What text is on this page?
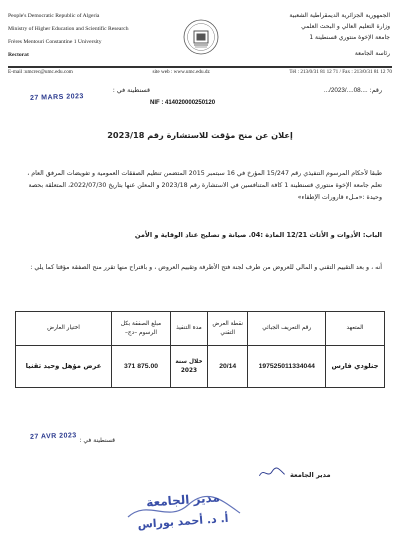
People's Democratic Republic of Algeria
Ministry of Higher Education and Scientific Research
Frères Mentouri Constantine 1 University
Rectorat
الجمهورية الجزائرية الديمقراطية الشعبية
وزارة التعليم العالي و البحث العلمي
جامعة الإخوة منتوري قسنطينة 1
رئاسة الجامعة
E-mail :umcrec@umc.edu.com	site web : www.umc.edu.dz	Tél : 213/0/31 81 12 71 / Fax : 213/0/31 81 12 70
رقم: .../2023/....08....
قسنطينة في :
27 MARS 2023
NIF : 414020000250120
إعلان عن منح مؤقت للاستشارة رقم 2023/18
طبقا لأحكام المرسوم التنفيذي رقم 15/247 المؤرخ في 16 سبتمبر 2015 المتضمن تنظيم الصفقات العمومية و تفويضات المرفق العام ، تعلم جامعة الإخوة منتوري قسنطينة 1 كافة المتنافسين في الاستشارة رقم 2023/18 و المعلن عنها بتاريخ 2022/07/30، المتعلقة بحصة وحيدة :«مـلء قارورات الإطفاء»
الباب: الأدوات و الأثاث 12/21 المادة :04. صيانة و تصليح عتاد الوقاية و الأمن
أنه ، و بعد التقييم التقني و المالي للعروض من طرف لجنة فتح الأظرفة وتقييم العروض ، و باقتراح منها تقرر منح الصفقة مؤقتا كما يلي :
المتعهد	رقم التعريف الجبائي	نقطة العرض التقني	مدة التنفيذ	مبلغ الصفقة بكل الرسوم –دج–	اختيار العارض
جنلودي فارس	197525011334044	20/14	خلال سنة 2023	371 875.00	عرض مؤهل وحيد تقنيا
27 AVR 2023 قسنطينة في :
مدير الجامعة
مدير الجامعة
أ. د. أحمد بوراس
